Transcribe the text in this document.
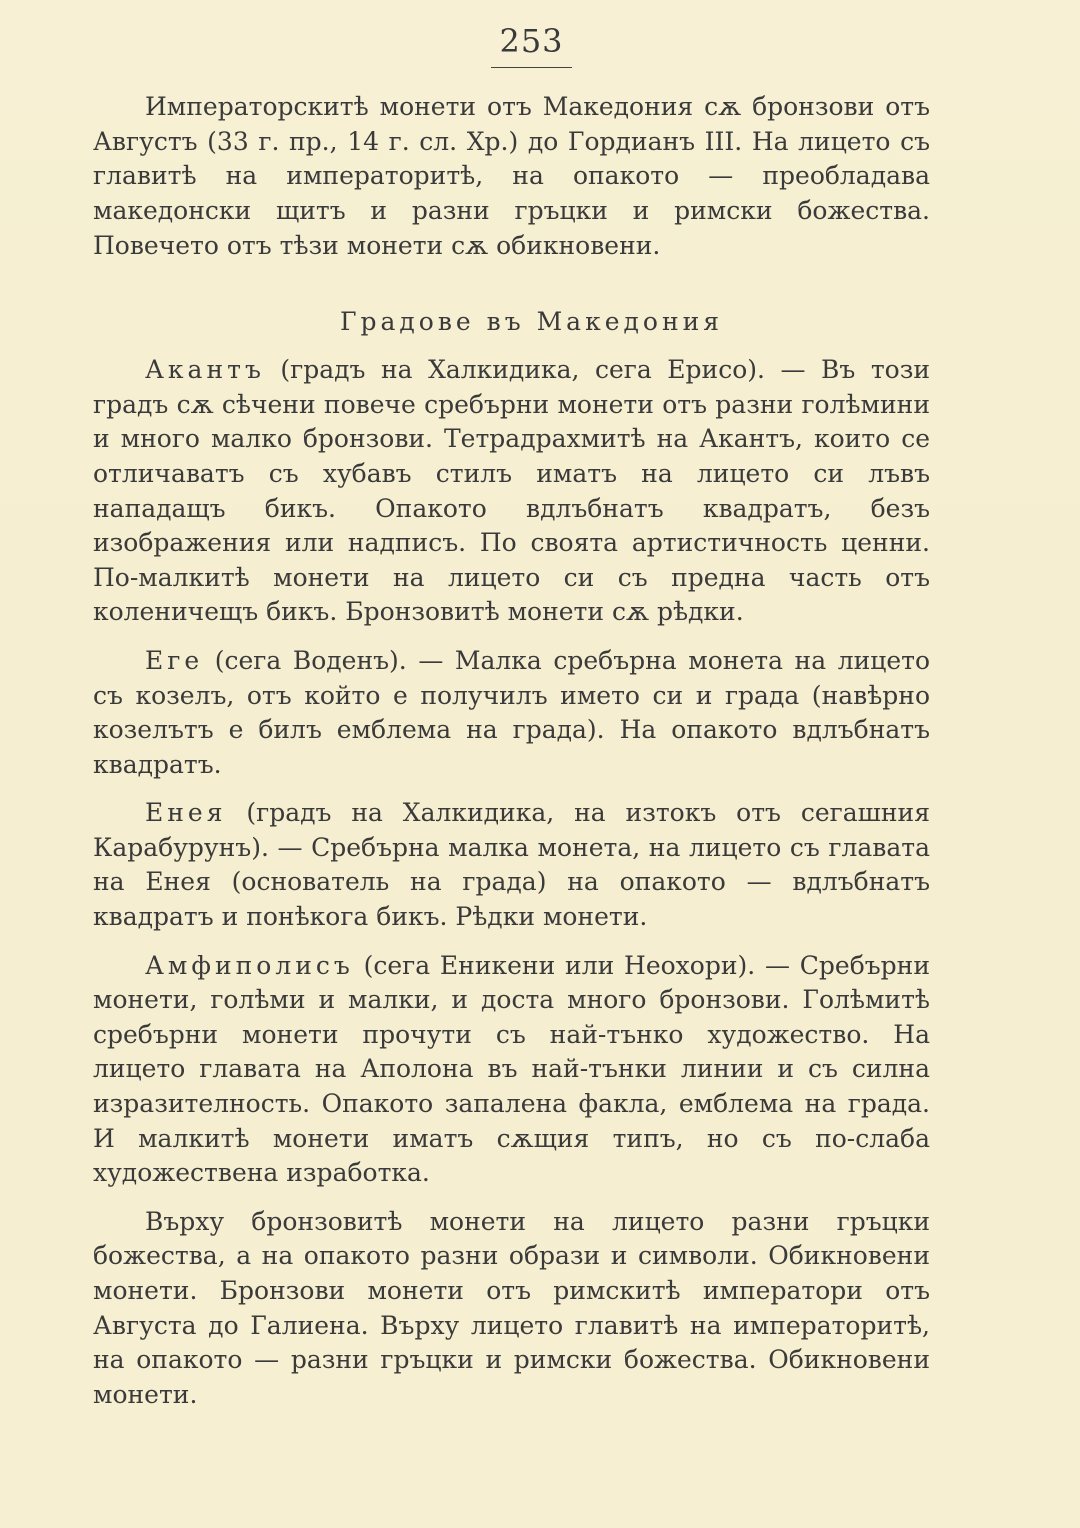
253

Императорскитѣ монети отъ Македония сѫ бронзови отъ Августъ (33 г. пр., 14 г. сл. Хр.) до Гордианъ III. На лицето съ главитѣ на императоритѣ, на опакото — преобладава македонски щитъ и разни гръцки и римски божества. Повечето отъ тѣзи монети сѫ обикновени.

Градове въ Македония

Акантъ (градъ на Халкидика, сега Ерисо). — Въ този градъ сѫ сѣчени повече сребърни монети отъ разни голѣмини и много малко бронзови. Тетрадрахмитѣ на Акантъ, които се отличаватъ съ хубавъ стилъ иматъ на лицето си лъвъ нападащъ бикъ. Опакото вдлъбнатъ квадратъ, безъ изображения или надписъ. По своята артистичность ценни. По-малкитѣ монети на лицето си съ предна часть отъ коленичещъ бикъ. Бронзовитѣ монети сѫ рѣдки.

Еге (сега Воденъ). — Малка сребърна монета на лицето съ козелъ, отъ който е получилъ името си и града (навѣрно козелътъ е билъ емблема на града). На опакото вдлъбнатъ квадратъ.

Енея (градъ на Халкидика, на изтокъ отъ сегашния Карабурунъ). — Сребърна малка монета, на лицето съ главата на Енея (основатель на града) на опакото — вдлъбнатъ квадратъ и понѣкога бикъ. Рѣдки монети.

Амфиполисъ (сега Еникени или Неохори). — Сребърни монети, голѣми и малки, и доста много бронзови. Голѣмитѣ сребърни монети прочути съ най-тънко художество. На лицето главата на Аполона въ най-тънки линии и съ силна изразителность. Опакото запалена факла, емблема на града. И малкитѣ монети иматъ сѫщия типъ, но съ по-слаба художествена изработка.

Върху бронзовитѣ монети на лицето разни гръцки божества, а на опакото разни образи и символи. Обикновени монети. Бронзови монети отъ римскитѣ императори отъ Августа до Галиена. Върху лицето главитѣ на императоритѣ, на опакото — разни гръцки и римски божества. Обикновени монети.
